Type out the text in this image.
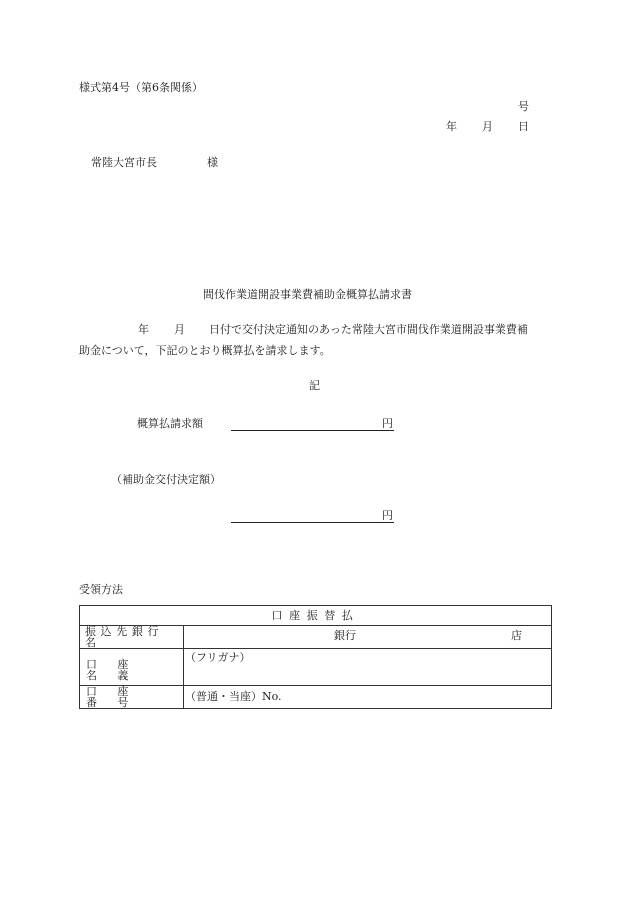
様式第4号（第6条関係）
号
年 月 日
常陸大宮市長	様
間伐作業道開設事業費補助金概算払請求書
年 月 日付で交付決定通知のあった常陸大宮市間伐作業道開設事業費補
助金について，下記のとおり概算払を請求します。
記
概算払請求額	円
（補助金交付決定額）
円
受領方法
口座振替払	

振込先銀行名	銀行 店

口座名義	（フリガナ）

口座番号	（普通・当座）No.
